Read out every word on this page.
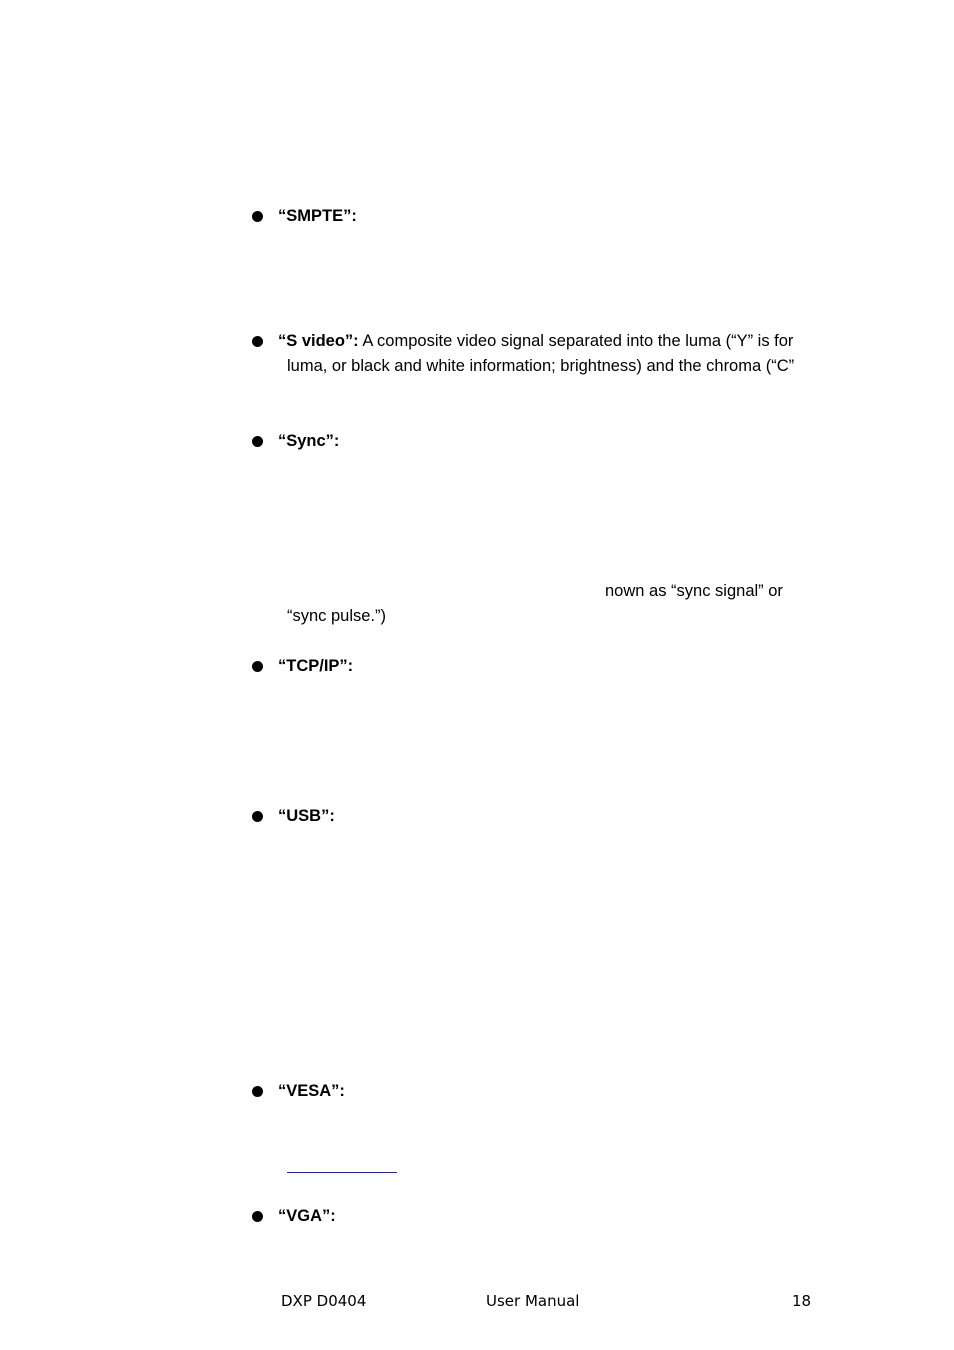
“SMPTE”:
“S video”: A composite video signal separated into the luma (“Y” is for
luma, or black and white information; brightness) and the chroma (“C”
“Sync”:
nown as “sync signal” or
“sync pulse.”)
“TCP/IP”:
“USB”:
“VESA”:
“VGA”:
DXP D0404	User Manual	18
